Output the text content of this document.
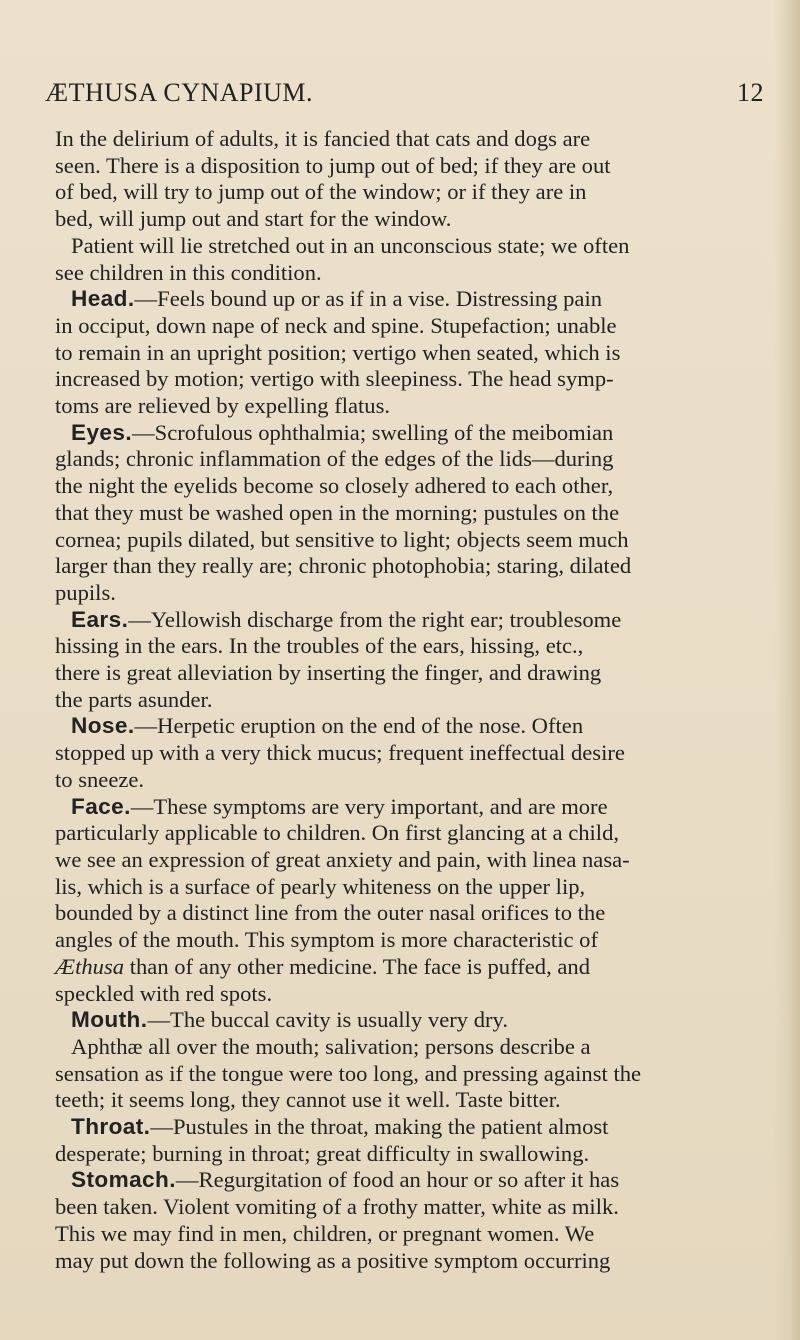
ÆTHUSA CYNAPIUM.	12
In the delirium of adults, it is fancied that cats and dogs are
seen. There is a disposition to jump out of bed; if they are out
of bed, will try to jump out of the window; or if they are in
bed, will jump out and start for the window.
Patient will lie stretched out in an unconscious state; we often
see children in this condition.
Head.—Feels bound up or as if in a vise. Distressing pain
in occiput, down nape of neck and spine. Stupefaction; unable
to remain in an upright position; vertigo when seated, which is
increased by motion; vertigo with sleepiness. The head symp-
toms are relieved by expelling flatus.
Eyes.—Scrofulous ophthalmia; swelling of the meibomian
glands; chronic inflammation of the edges of the lids—during
the night the eyelids become so closely adhered to each other,
that they must be washed open in the morning; pustules on the
cornea; pupils dilated, but sensitive to light; objects seem much
larger than they really are; chronic photophobia; staring, dilated
pupils.
Ears.—Yellowish discharge from the right ear; troublesome
hissing in the ears. In the troubles of the ears, hissing, etc.,
there is great alleviation by inserting the finger, and drawing
the parts asunder.
Nose.—Herpetic eruption on the end of the nose. Often
stopped up with a very thick mucus; frequent ineffectual desire
to sneeze.
Face.—These symptoms are very important, and are more
particularly applicable to children. On first glancing at a child,
we see an expression of great anxiety and pain, with linea nasa-
lis, which is a surface of pearly whiteness on the upper lip,
bounded by a distinct line from the outer nasal orifices to the
angles of the mouth. This symptom is more characteristic of
Æthusa than of any other medicine. The face is puffed, and
speckled with red spots.
Mouth.—The buccal cavity is usually very dry.
Aphthæ all over the mouth; salivation; persons describe a
sensation as if the tongue were too long, and pressing against the
teeth; it seems long, they cannot use it well. Taste bitter.
Throat.—Pustules in the throat, making the patient almost
desperate; burning in throat; great difficulty in swallowing.
Stomach.—Regurgitation of food an hour or so after it has
been taken. Violent vomiting of a frothy matter, white as milk.
This we may find in men, children, or pregnant women. We
may put down the following as a positive symptom occurring
